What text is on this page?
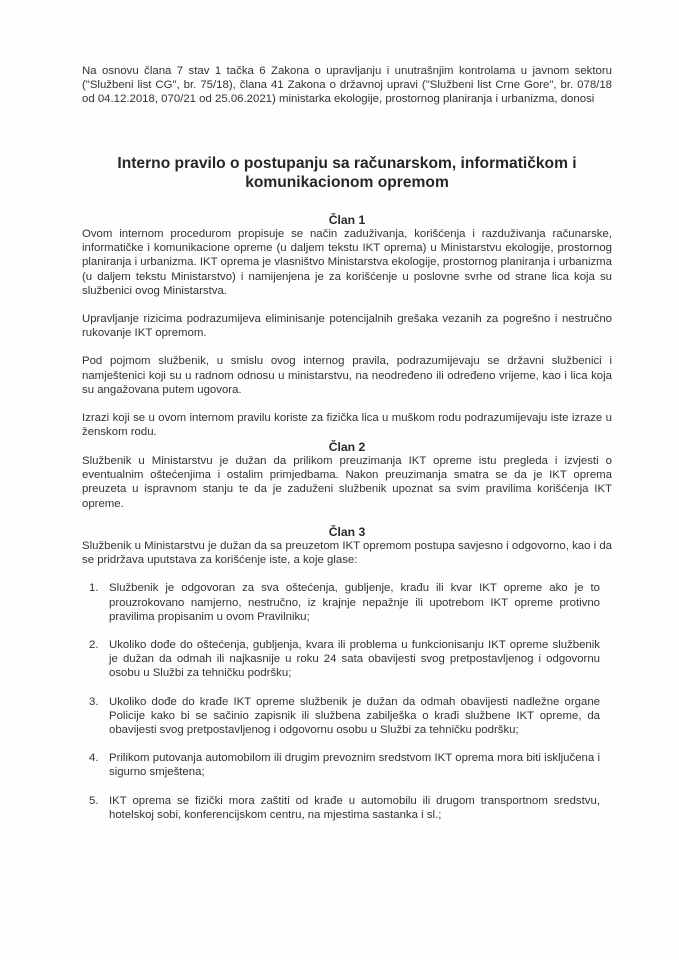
Na osnovu člana 7 stav 1 tačka 6 Zakona o upravljanju i unutrašnjim kontrolama u javnom sektoru ("Službeni list CG", br. 75/18), člana 41 Zakona o državnoj upravi ("Službeni list Crne Gore", br. 078/18 od 04.12.2018, 070/21 od 25.06.2021) ministarka ekologije, prostornog planiranja i urbanizma, donosi

Interno pravilo o postupanju sa računarskom, informatičkom i
komunikacionom opremom
Član 1

Ovom internom procedurom propisuje se način zaduživanja, korišćenja i razduživanja računarske, informatičke i komunikacione opreme (u daljem tekstu IKT oprema) u Ministarstvu ekologije, prostornog planiranja i urbanizma. IKT oprema je vlasništvo Ministarstva ekologije, prostornog planiranja i urbanizma (u daljem tekstu Ministarstvo) i namijenjena je za korišćenje u poslovne svrhe od strane lica koja su službenici ovog Ministarstva.

Upravljanje rizicima podrazumijeva eliminisanje potencijalnih grešaka vezanih za pogrešno i nestručno rukovanje IKT opremom.

Pod pojmom službenik, u smislu ovog internog pravila, podrazumijevaju se državni službenici i namještenici koji su u radnom odnosu u ministarstvu, na neodređeno ili određeno vrijeme, kao i lica koja su angažovana putem ugovora.

Izrazi koji se u ovom internom pravilu koriste za fizička lica u muškom rodu podrazumijevaju iste izraze u ženskom rodu.

Član 2

Službenik u Ministarstvu je dužan da prilikom preuzimanja IKT opreme istu pregleda i izvjesti o eventualnim oštećenjima i ostalim primjedbama. Nakon preuzimanja smatra se da je IKT oprema preuzeta u ispravnom stanju te da je zaduženi službenik upoznat sa svim pravilima korišćenja IKT opreme.

Član 3

Službenik u Ministarstvu je dužan da sa preuzetom IKT opremom postupa savjesno i odgovorno, kao i da se pridržava uputstava za korišćenje iste, a koje glase:

1. Službenik je odgovoran za sva oštećenja, gubljenje, krađu ili kvar IKT opreme ako je to prouzrokovano namjerno, nestručno, iz krajnje nepažnje ili upotrebom IKT opreme protivno pravilima propisanim u ovom Pravilniku;

2. Ukoliko dođe do oštećenja, gubljenja, kvara ili problema u funkcionisanju IKT opreme službenik je dužan da odmah ili najkasnije u roku 24 sata obavijesti svog pretpostavljenog i odgovornu osobu u Službi za tehničku podršku;

3. Ukoliko dođe do krađe IKT opreme službenik je dužan da odmah obavijesti nadležne organe Policije kako bi se sačinio zapisnik ili službena zabilješka o krađi službene IKT opreme, da obavijesti svog pretpostavljenog i odgovornu osobu u Službi za tehničku podršku;

4. Prilikom putovanja automobilom ili drugim prevoznim sredstvom IKT oprema mora biti isključena i sigurno smještena;

5. IKT oprema se fizički mora zaštiti od krađe u automobilu ili drugom transportnom sredstvu, hotelskoj sobi, konferencijskom centru, na mjestima sastanka i sl.;
